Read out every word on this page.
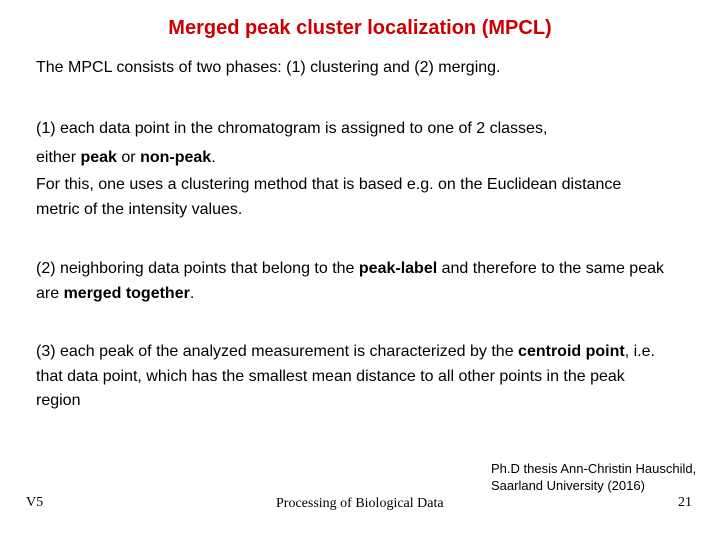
Merged peak cluster localization (MPCL)
The MPCL consists of two phases: (1) clustering and (2) merging.
(1) each data point in the chromatogram is assigned to one of 2 classes,
either peak or non-peak.
For this, one uses a clustering method that is based e.g. on the Euclidean distance metric of the intensity values.
(2) neighboring data points that belong to the peak-label and therefore to the same peak are merged together.
(3) each peak of the analyzed measurement is characterized by the centroid point, i.e. that data point, which has the smallest mean distance to all other points in the peak region
Ph.D thesis Ann-Christin Hauschild,
Saarland University (2016)
V5	Processing of Biological Data	21
